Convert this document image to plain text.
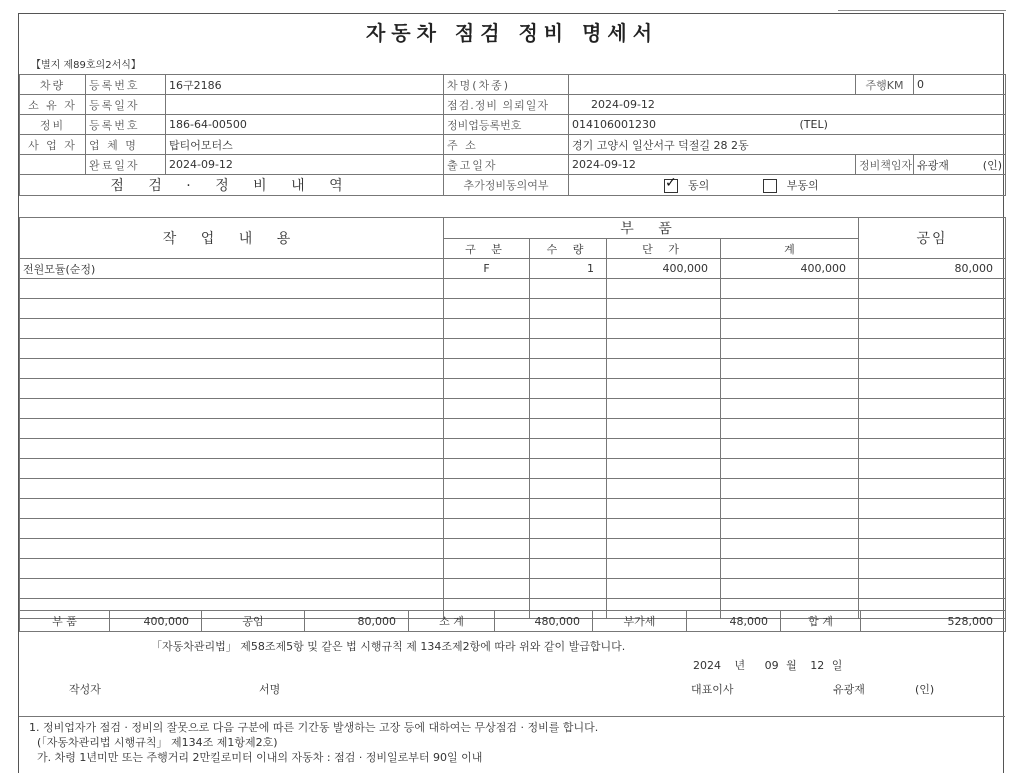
자동차 점검 정비 명세서
【별지 제89호의2서식】
차량	등록번호	16구2186	차명(차종)		주행KM	0
소 유 자	등록일자		점검.정비 의뢰일자	2024-09-12		
정비	등록번호	186-64-00500	정비업등록번호	014106001230 (TEL)		
사 업 자	업 체 명	탑티어모터스	주 소	경기 고양시 일산서구 덕절길 28 2동		
	완료일자	2024-09-12	출고일자	2024-09-12	정비책임자	유광재 (인)

점 검 · 정 비 내 역			추가정비동의여부	✓동의 부동의
작 업 내 용	부 품				공임
	구 분	수 량	단 가	계	
전원모듈(순정)	F	1	400,000	400,000	80,000

부 품	400,000	공임	80,000	소 계	480,000	부가세	48,000	합 계	528,000
「자동차관리법」 제58조제5항 및 같은 법 시행규칙 제 134조제2항에 따라 위와 같이 발급합니다.
2024 년 09 월 12 일
작성자	서명	대표이사	유광재	(인)
1. 정비업자가 점검 · 정비의 잘못으로 다음 구분에 따른 기간동 발생하는 고장 등에 대하여는 무상점검 · 정비를 합니다.
(「자동차관리법 시행규칙」 제134조 제1항제2호)
가. 차령 1년미만 또는 주행거리 2만킬로미터 이내의 자동차 : 점검 · 정비일로부터 90일 이내
